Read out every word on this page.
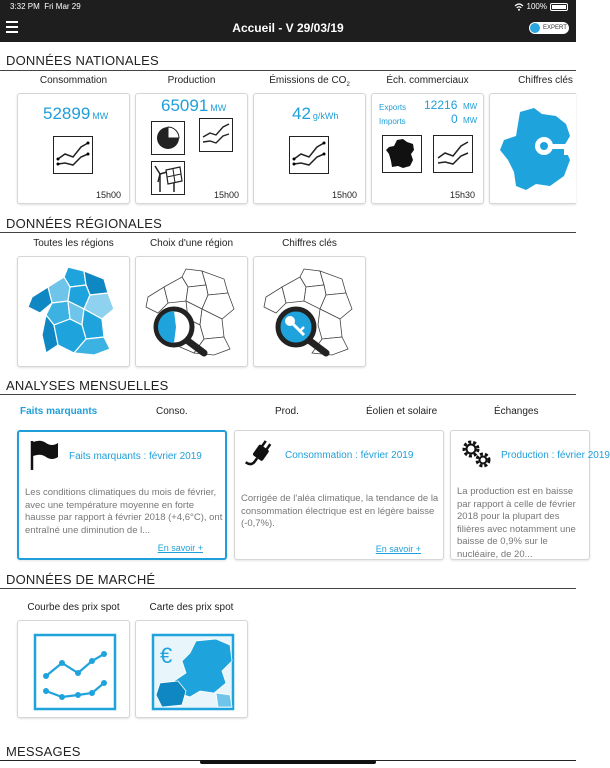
3:32 PM Fri Mar 29	100%
Accueil - V 29/03/19	EXPERT
DONNÉES NATIONALES
Consommation	Production	Émissions de $CO_2$	Éch. commerciaux	Chiffres clés
52899 MW
15h00
65091 MW
15h00
42 g/kWh
15h00
Exports 12216 MW
Imports	0 MW
15h30
DONNÉES RÉGIONALES
Toutes les régions	Choix d'une région	Chiffres clés
ANALYSES MENSUELLES
Faits marquants	Conso.	Prod.	Éolien et solaire	Échanges
Faits marquants : février 2019
Les conditions climatiques du mois de février, avec une température moyenne en forte hausse par rapport à février 2018 (+4,6°C), ont entraîné une diminution de l...
En savoir +
Consommation : février 2019
Corrigée de l'aléa climatique, la tendance de la consommation électrique est en légère baisse (-0,7%).
En savoir +
Production : février 2019
La production est en baisse par rapport à celle de février 2018 pour la plupart des filières avec notamment une baisse de 0,9% sur le nucléaire, de 20...
DONNÉES DE MARCHÉ
Courbe des prix spot	Carte des prix spot
€
MESSAGES
